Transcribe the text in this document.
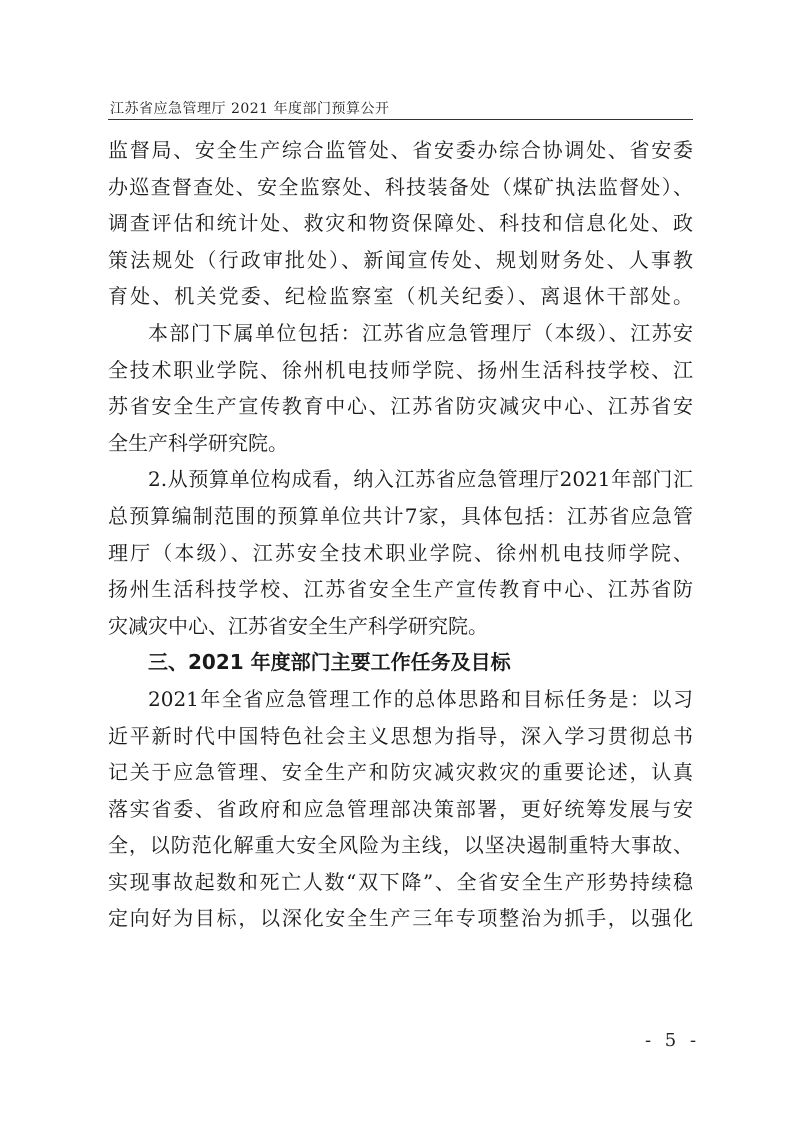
江苏省应急管理厅 2021 年度部门预算公开
监督局、安全生产综合监管处、省安委办综合协调处、省安委
办巡查督查处、安全监察处、科技装备处（煤矿执法监督处）、
调查评估和统计处、救灾和物资保障处、科技和信息化处、政
策法规处（行政审批处）、新闻宣传处、规划财务处、人事教
育处、机关党委、纪检监察室（机关纪委）、离退休干部处。
本部门下属单位包括：江苏省应急管理厅（本级）、江苏安
全技术职业学院、徐州机电技师学院、扬州生活科技学校、江
苏省安全生产宣传教育中心、江苏省防灾减灾中心、江苏省安
全生产科学研究院。
2.从预算单位构成看，纳入江苏省应急管理厅2021年部门汇
总预算编制范围的预算单位共计7家，具体包括：江苏省应急管
理厅（本级）、江苏安全技术职业学院、徐州机电技师学院、
扬州生活科技学校、江苏省安全生产宣传教育中心、江苏省防
灾减灾中心、江苏省安全生产科学研究院。
三、2021 年度部门主要工作任务及目标
2021年全省应急管理工作的总体思路和目标任务是：以习
近平新时代中国特色社会主义思想为指导，深入学习贯彻总书
记关于应急管理、安全生产和防灾减灾救灾的重要论述，认真
落实省委、省政府和应急管理部决策部署，更好统筹发展与安
全，以防范化解重大安全风险为主线，以坚决遏制重特大事故、
实现事故起数和死亡人数“双下降”、全省安全生产形势持续稳
定向好为目标，以深化安全生产三年专项整治为抓手，以强化
- 5 -
